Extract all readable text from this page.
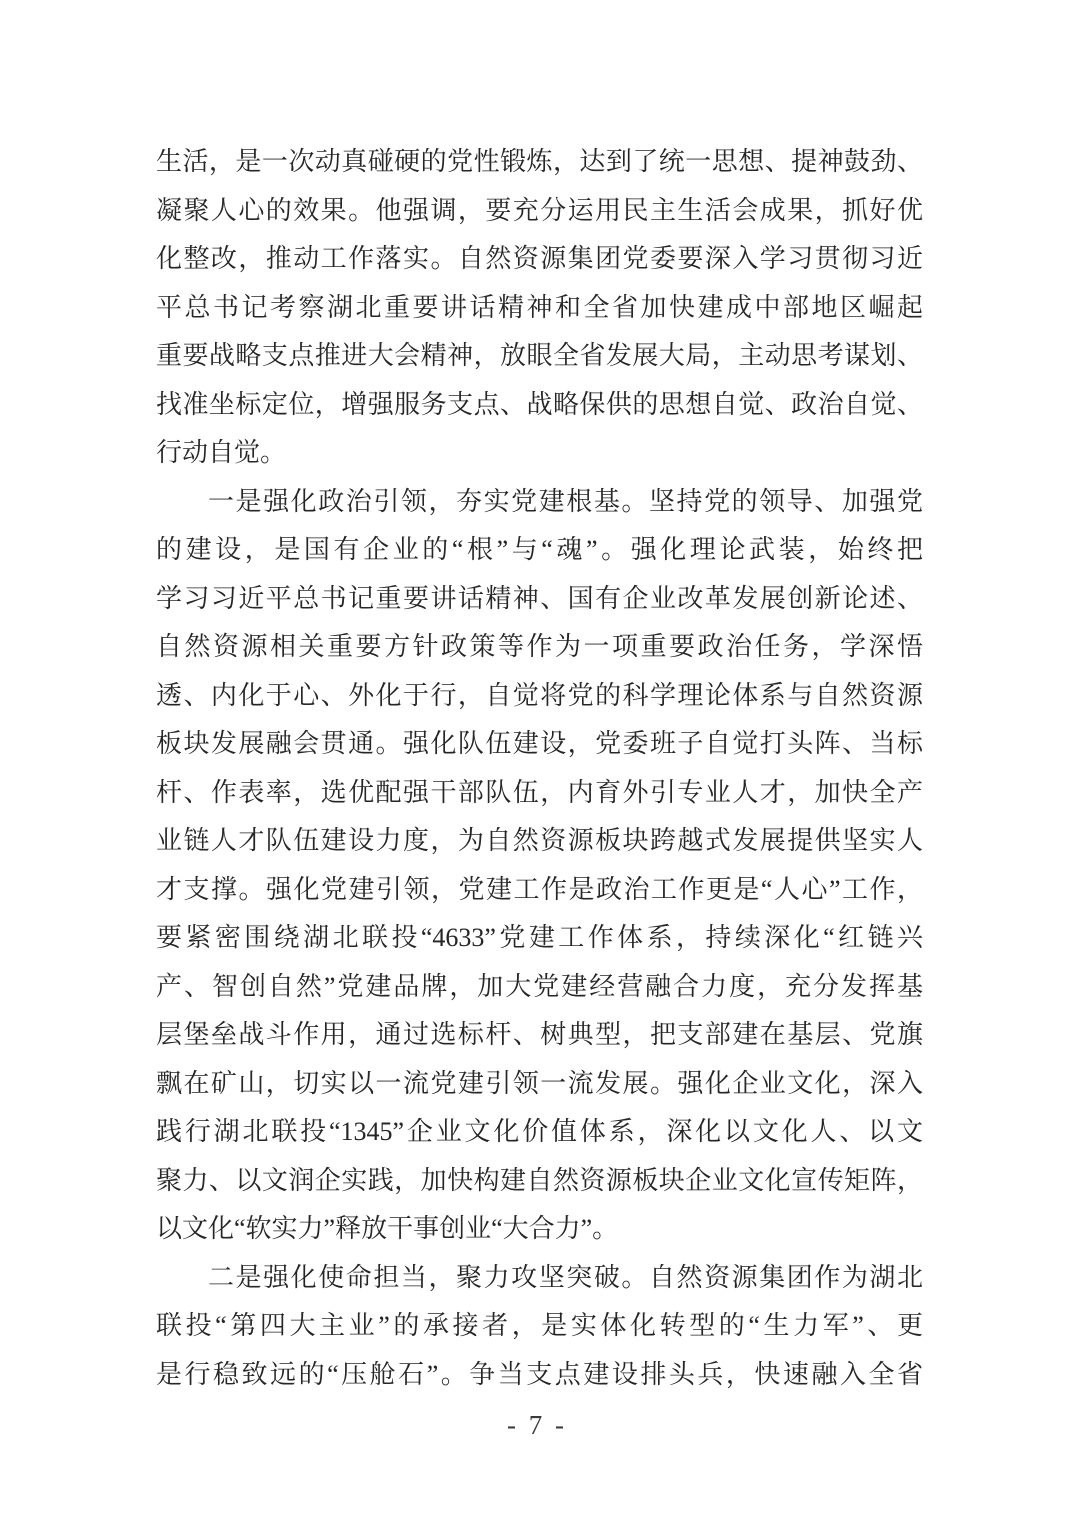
生活，是一次动真碰硬的党性锻炼，达到了统一思想、提神鼓劲、
凝聚人心的效果。他强调，要充分运用民主生活会成果，抓好优
化整改，推动工作落实。自然资源集团党委要深入学习贯彻习近
平总书记考察湖北重要讲话精神和全省加快建成中部地区崛起
重要战略支点推进大会精神，放眼全省发展大局，主动思考谋划、
找准坐标定位，增强服务支点、战略保供的思想自觉、政治自觉、
行动自觉。

一是强化政治引领，夯实党建根基。坚持党的领导、加强党
的建设，是国有企业的“根”与“魂”。强化理论武装，始终把
学习习近平总书记重要讲话精神、国有企业改革发展创新论述、
自然资源相关重要方针政策等作为一项重要政治任务，学深悟
透、内化于心、外化于行，自觉将党的科学理论体系与自然资源
板块发展融会贯通。强化队伍建设，党委班子自觉打头阵、当标
杆、作表率，选优配强干部队伍，内育外引专业人才，加快全产
业链人才队伍建设力度，为自然资源板块跨越式发展提供坚实人
才支撑。强化党建引领，党建工作是政治工作更是“人心”工作，
要紧密围绕湖北联投“4633”党建工作体系，持续深化“红链兴
产、智创自然”党建品牌，加大党建经营融合力度，充分发挥基
层堡垒战斗作用，通过选标杆、树典型，把支部建在基层、党旗
飘在矿山，切实以一流党建引领一流发展。强化企业文化，深入
践行湖北联投“1345”企业文化价值体系，深化以文化人、以文
聚力、以文润企实践，加快构建自然资源板块企业文化宣传矩阵，
以文化“软实力”释放干事创业“大合力”。

二是强化使命担当，聚力攻坚突破。自然资源集团作为湖北
联投“第四大主业”的承接者，是实体化转型的“生力军”、更
是行稳致远的“压舱石”。争当支点建设排头兵，快速融入全省

- 7 -
